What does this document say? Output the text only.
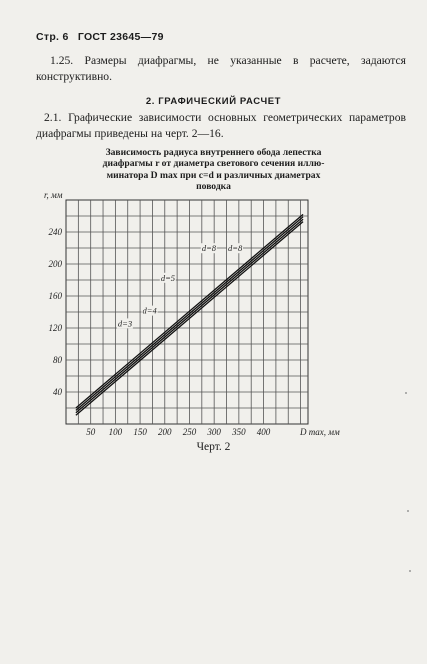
Стр. 6 ГОСТ 23645—79
1.25. Размеры диафрагмы, не указанные в расчете, задаются конструктивно.
2. ГРАФИЧЕСКИЙ РАСЧЕТ
2.1. Графические зависимости основных геометрических параметров диафрагмы приведены на черт. 2—16.
Зависимость радиуса внутреннего обода лепестка
диафрагмы r от диаметра светового сечения иллю-
минатора D max при c=d и различных диаметрах
поводка
50 100 150 200 250 300 350 400
40
80
120
160
200
240
D max, мм
r, мм
d=3
d=4
d=5
d=8 d=8
Черт. 2
